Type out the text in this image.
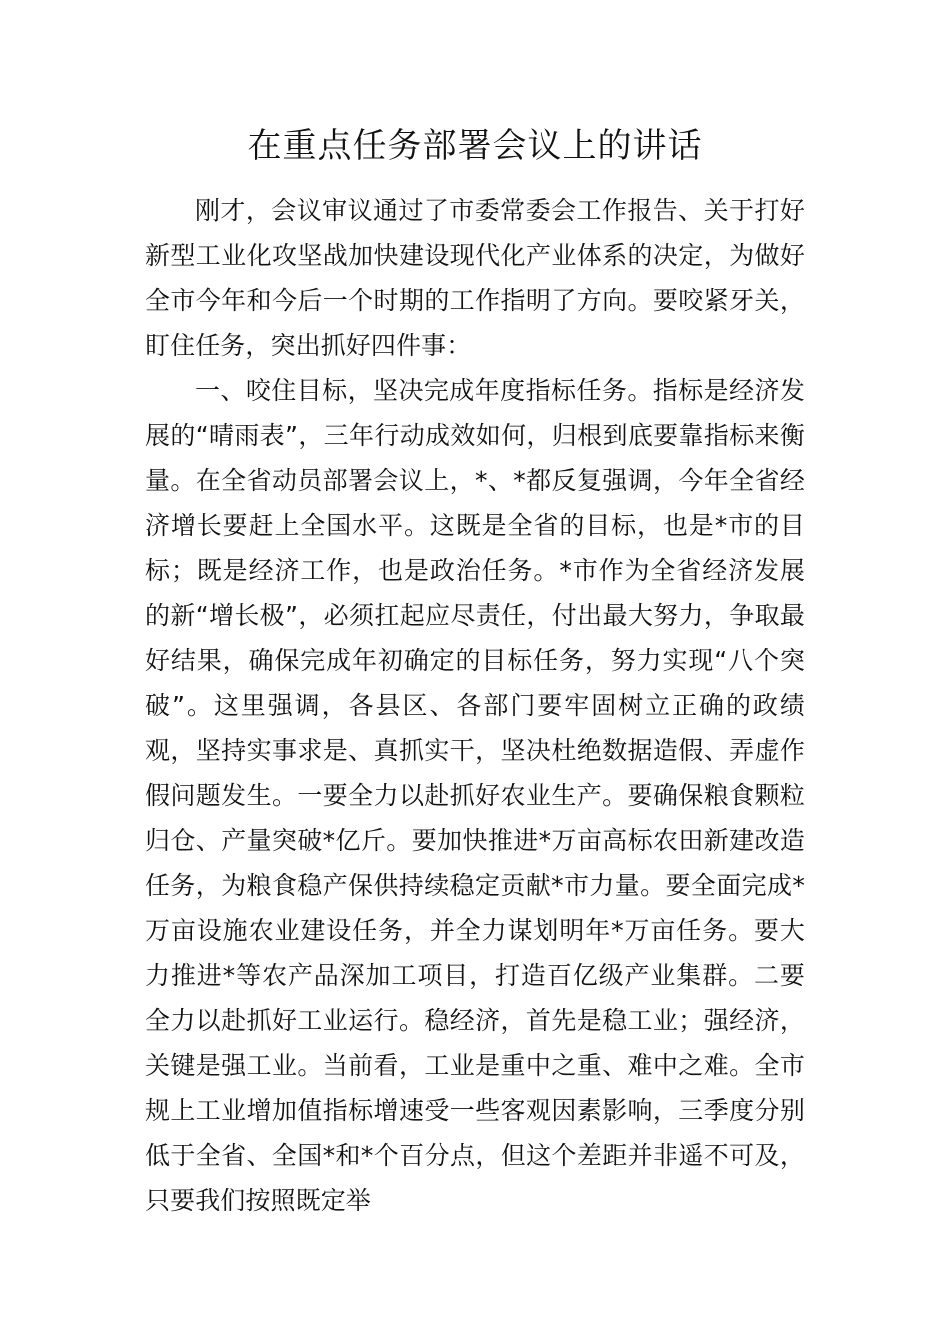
在重点任务部署会议上的讲话

刚才，会议审议通过了市委常委会工作报告、关于打好新型工业化攻坚战加快建设现代化产业体系的决定，为做好全市今年和今后一个时期的工作指明了方向。要咬紧牙关，盯住任务，突出抓好四件事：

一、咬住目标，坚决完成年度指标任务。指标是经济发展的“晴雨表”，三年行动成效如何，归根到底要靠指标来衡量。在全省动员部署会议上，*、*都反复强调，今年全省经济增长要赶上全国水平。这既是全省的目标，也是*市的目标；既是经济工作，也是政治任务。*市作为全省经济发展的新“增长极”，必须扛起应尽责任，付出最大努力，争取最好结果，确保完成年初确定的目标任务，努力实现“八个突破”。这里强调，各县区、各部门要牢固树立正确的政绩观，坚持实事求是、真抓实干，坚决杜绝数据造假、弄虚作假问题发生。一要全力以赴抓好农业生产。要确保粮食颗粒归仓、产量突破*亿斤。要加快推进*万亩高标农田新建改造任务，为粮食稳产保供持续稳定贡献*市力量。要全面完成*万亩设施农业建设任务，并全力谋划明年*万亩任务。要大力推进*等农产品深加工项目，打造百亿级产业集群。二要全力以赴抓好工业运行。稳经济，首先是稳工业；强经济，关键是强工业。当前看，工业是重中之重、难中之难。全市规上工业增加值指标增速受一些客观因素影响，三季度分别低于全省、全国*和*个百分点，但这个差距并非遥不可及，只要我们按照既定举
